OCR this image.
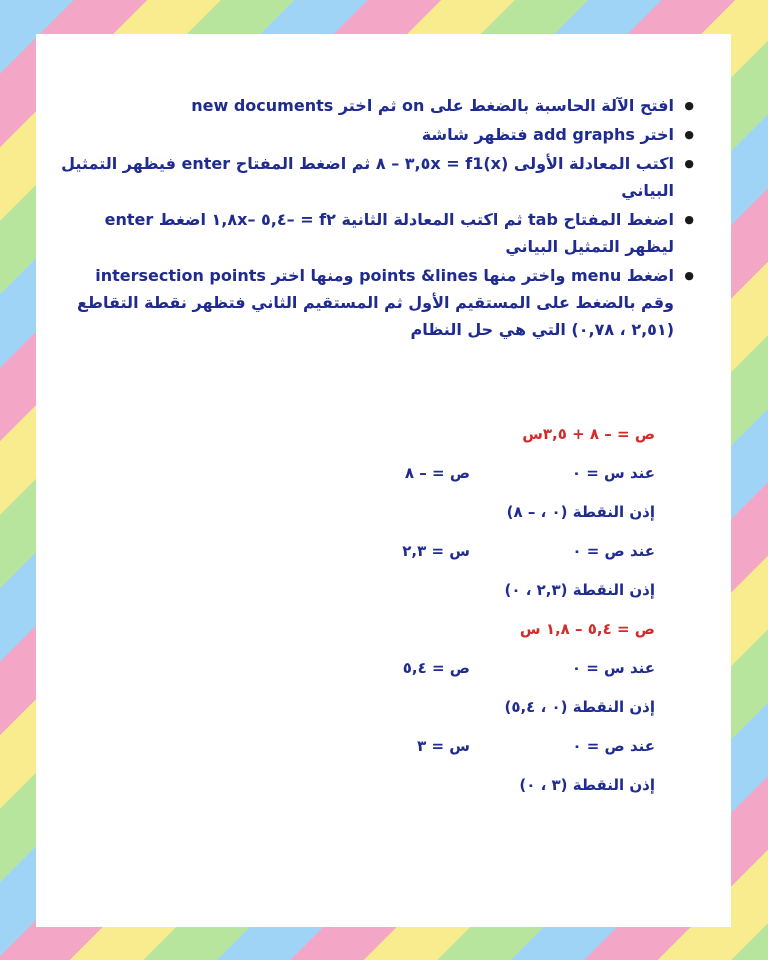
● افتح الآلة الحاسبة بالضغط على on ثم اختر new documents
● اختر add graphs فتظهر شاشة
● اكتب المعادلة الأولى f1(x) = ٣,٥x – ٨ ثم اضغط المفتاح enter فيظهر التمثيل البياني
● اضغط المفتاح tab ثم اكتب المعادلة الثانية f٢ = –٥,٤ –١,٨x اضغط enter ليظهر التمثيل البياني
● اضغط menu واختر منها points &lines ومنها اختر intersection points وقم بالضغط على المستقيم الأول ثم المستقيم الثاني فتظهر نقطة التقاطع (٢,٥١ ، ٠,٧٨) التي هي حل النظام
ص = – ٨ + ٣,٥س
عند س = ٠
ص = – ٨
إذن النقطة (٠ ، – ٨)
عند ص = ٠
س = ٢,٣
إذن النقطة (٢,٣ ، ٠)
ص = ٥,٤ – ١,٨ س
عند س = ٠
ص = ٥,٤
إذن النقطة (٠ ، ٥,٤)
عند ص = ٠
س = ٣
إذن النقطة (٣ ، ٠)
